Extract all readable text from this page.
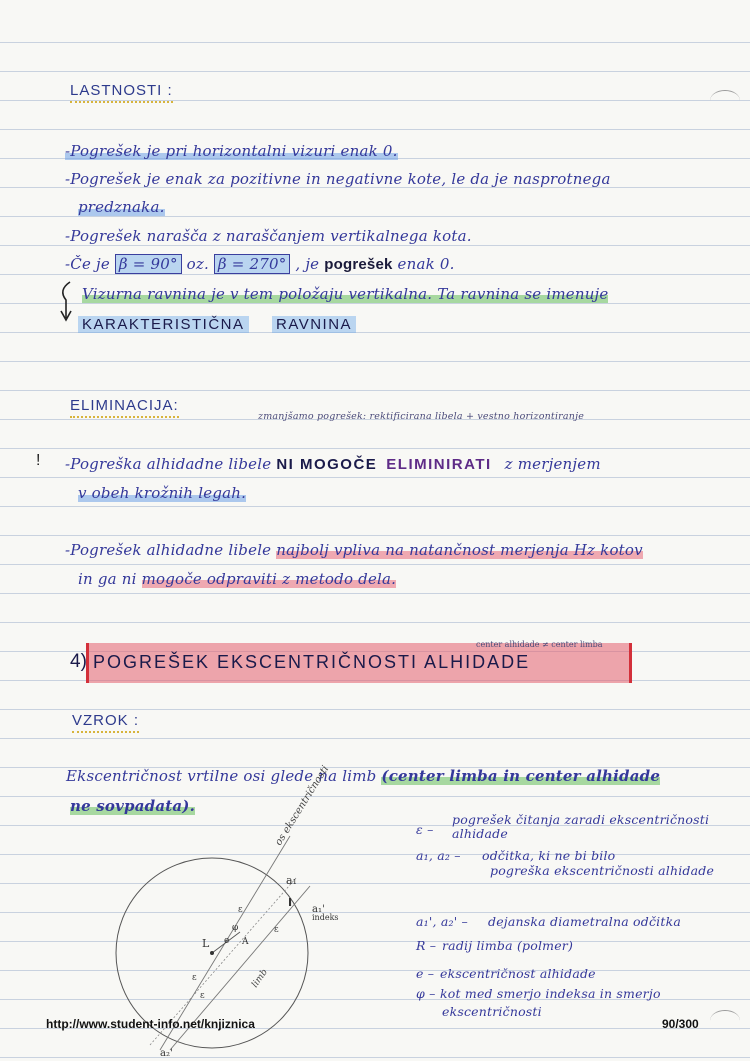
LASTNOSTI :
-Pogrešek je pri horizontalni vizuri enak 0.
-Pogrešek je enak za pozitivne in negativne kote, le da je nasprotnega
predznaka.
-Pogrešek narašča z naraščanjem vertikalnega kota.
-Če je β = 90° oz. β = 270° , je pogrešek enak 0.
Vizurna ravnina je v tem položaju vertikalna. Ta ravnina se imenuje
KARAKTERISTIČNA RAVNINA
ELIMINACIJA:
zmanjšamo pogrešek: rektificirana libela + vestno horizontiranje
! -Pogreška alhidadne libele NI MOGOČE ELIMINIRATI z merjenjem
v obeh krožnih legah.
-Pogrešek alhidadne libele najbolj vpliva na natančnost merjenja Hz kotov
in ga ni mogoče odpraviti z metodo dela.
4) POGREŠEK EKSCENTRIČNOSTI ALHIDADE
center alhidade ≠ center limba
VZROK :
Ekscentričnost vrtilne osi glede na limb (center limba in center alhidade
ne sovpadata).
ε –
pogrešek čitanja zaradi ekscentričnosti
alhidade
a₁, a₂ – odčitka, ki ne bi bilo
pogreška ekscentričnosti alhidade
a₁', a₂' – dejanska diametralna odčitka
R – radij limba (polmer)
e – ekscentričnost alhidade
φ – kot med smerjo indeksa in smerjo
ekscentričnosti
os ekscentričnosti
a₁
a₁'
I
indeks
L	A
e
φ
ε
ε
ε
ε
limb
a₂'
http://www.student-info.net/knjiznica	90/300
